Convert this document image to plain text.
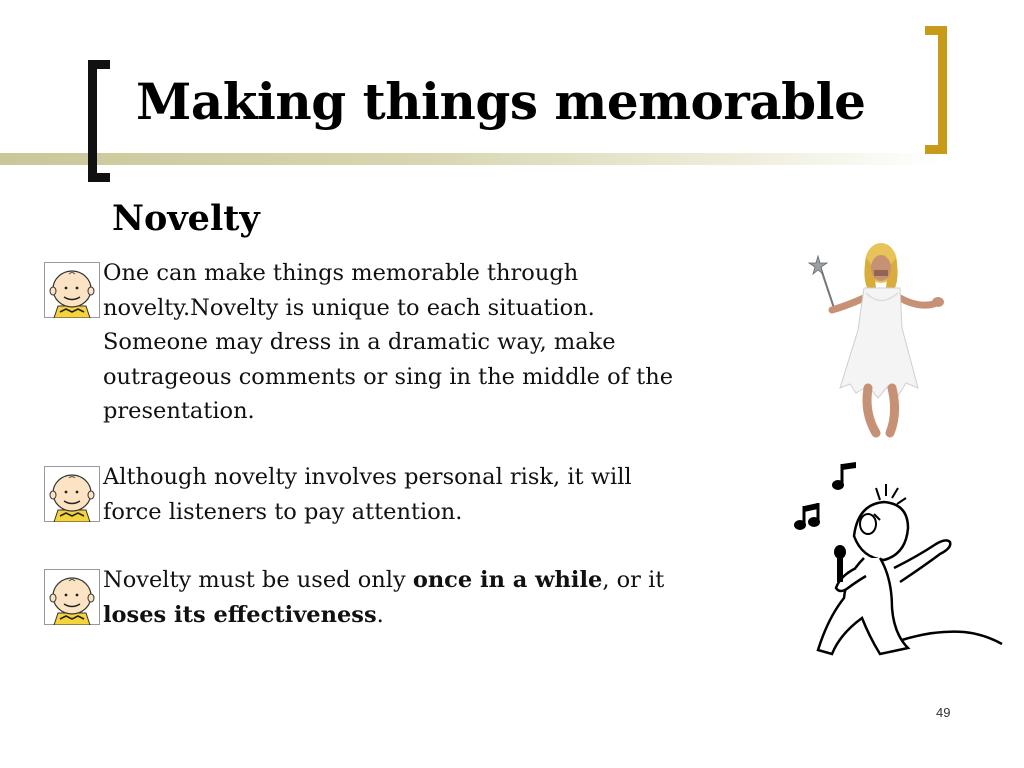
Making things memorable
Novelty
One can make things memorable through novelty.Novelty is unique to each situation. Someone may dress in a dramatic way, make outrageous comments or sing in the middle of the presentation.
Although novelty involves personal risk, it will force listeners to pay attention.
Novelty must be used only once in a while, or it loses its effectiveness.
49
